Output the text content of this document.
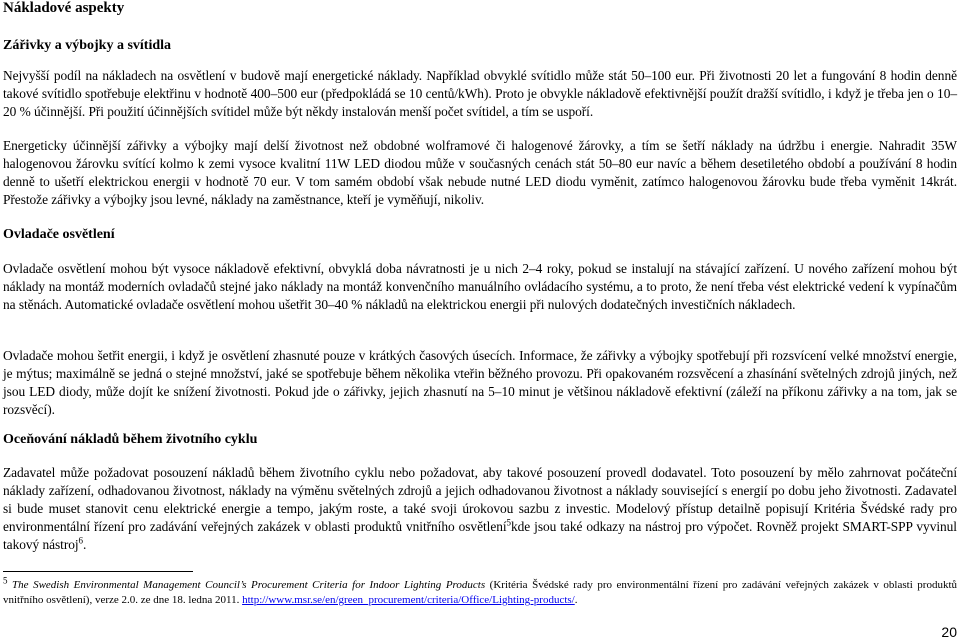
Nákladové aspekty
Zářivky a výbojky a svítidla

Nejvyšší podíl na nákladech na osvětlení v budově mají energetické náklady. Například obvyklé svítidlo může stát 50–100 eur. Při životnosti 20 let a fungování 8 hodin denně takové svítidlo spotřebuje elektřinu v hodnotě 400–500 eur (předpokládá se 10 centů/kWh). Proto je obvykle nákladově efektivnější použít dražší svítidlo, i když je třeba jen o 10–20 % účinnější. Při použití účinnějších svítidel může být někdy instalován menší počet svítidel, a tím se uspoří.

Energeticky účinnější zářivky a výbojky mají delší životnost než obdobné wolframové či halogenové žárovky, a tím se šetří náklady na údržbu i energie. Nahradit 35W halogenovou žárovku svítící kolmo k zemi vysoce kvalitní 11W LED diodou může v současných cenách stát 50–80 eur navíc a během desetiletého období a používání 8 hodin denně to ušetří elektrickou energii v hodnotě 70 eur. V tom samém období však nebude nutné LED diodu vyměnit, zatímco halogenovou žárovku bude třeba vyměnit 14krát. Přestože zářivky a výbojky jsou levné, náklady na zaměstnance, kteří je vyměňují, nikoliv.

Ovladače osvětlení

Ovladače osvětlení mohou být vysoce nákladově efektivní, obvyklá doba návratnosti je u nich 2–4 roky, pokud se instalují na stávající zařízení. U nového zařízení mohou být náklady na montáž moderních ovladačů stejné jako náklady na montáž konvenčního manuálního ovládacího systému, a to proto, že není třeba vést elektrické vedení k vypínačům na stěnách. Automatické ovladače osvětlení mohou ušetřit 30–40 % nákladů na elektrickou energii při nulových dodatečných investičních nákladech.

Ovladače mohou šetřit energii, i když je osvětlení zhasnuté pouze v krátkých časových úsecích. Informace, že zářivky a výbojky spotřebují při rozsvícení velké množství energie, je mýtus; maximálně se jedná o stejné množství, jaké se spotřebuje během několika vteřin běžného provozu. Při opakovaném rozsvěcení a zhasínání světelných zdrojů jiných, než jsou LED diody, může dojít ke snížení životnosti. Pokud jde o zářivky, jejich zhasnutí na 5–10 minut je většinou nákladově efektivní (záleží na příkonu zářivky a na tom, jak se rozsvěcí).

Oceňování nákladů během životního cyklu

Zadavatel může požadovat posouzení nákladů během životního cyklu nebo požadovat, aby takové posouzení provedl dodavatel. Toto posouzení by mělo zahrnovat počáteční náklady zařízení, odhadovanou životnost, náklady na výměnu světelných zdrojů a jejich odhadovanou životnost a náklady související s energií po dobu jeho životnosti. Zadavatel si bude muset stanovit cenu elektrické energie a tempo, jakým roste, a také svoji úrokovou sazbu z investic. Modelový přístup detailně popisují Kritéria Švédské rady pro environmentální řízení pro zadávání veřejných zakázek v oblasti produktů vnitřního osvětlení$^5$kde jsou také odkazy na nástroj pro výpočet. Rovněž projekt SMART-SPP vyvinul takový nástroj$^6$.

$^5$ The Swedish Environmental Management Council’s Procurement Criteria for Indoor Lighting Products (Kritéria Švédské rady pro environmentální řízení pro zadávání veřejných zakázek v oblasti produktů vnitřního osvětlení), verze 2.0. ze dne 18. ledna 2011. http://www.msr.se/en/green_procurement/criteria/Office/Lighting-products/.

20
